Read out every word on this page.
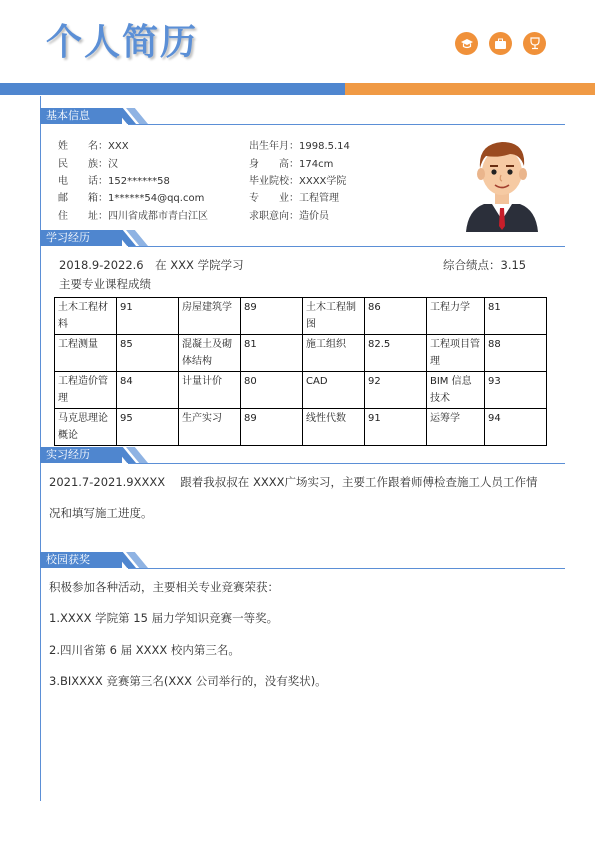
个人简历
基本信息
姓　　名：XXX
民　　族：汉
电　　话：152******58
邮　　箱：1******54@qq.com
住　　址：四川省成都市青白江区
出生年月：1998.5.14
身　　高：174cm
毕业院校：XXXX学院
专　　业：工程管理
求职意向：造价员
学习经历
2018.9-2022.6　在 XXX 学院学习	综合绩点：3.15
主要专业课程成绩
土木工程材料	91	房屋建筑学	89	土木工程制图	86	工程力学	81
工程测量	85	混凝土及砌体结构	81	施工组织	82.5	工程项目管理	88
工程造价管理	84	计量计价	80	CAD	92	BIM 信息技术	93
马克思理论概论	95	生产实习	89	线性代数	91	运筹学	94
实习经历
2021.7-2021.9XXXX　 跟着我叔叔在 XXXX广场实习，主要工作跟着师傅检查施工人员工作情
况和填写施工进度。
校园获奖
积极参加各种活动，主要相关专业竞赛荣获：
1.XXXX 学院第 15 届力学知识竞赛一等奖。
2.四川省第 6 届 XXXX 校内第三名。
3.BIXXXX 竞赛第三名(XXX 公司举行的，没有奖状)。
